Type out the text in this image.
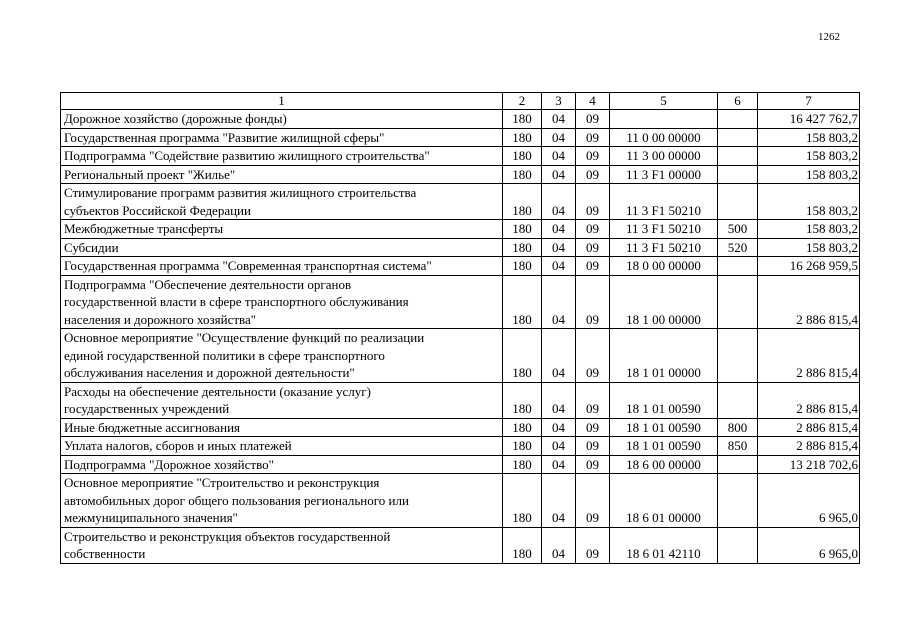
1262
1	2	3	4	5	6	7
Дорожное хозяйство (дорожные фонды)	180	04	09			16 427 762,7
Государственная программа "Развитие жилищной сферы"	180	04	09	11 0 00 00000		158 803,2
Подпрограмма "Содействие развитию жилищного строительства"	180	04	09	11 3 00 00000		158 803,2
Региональный проект "Жилье"	180	04	09	11 3 F1 00000		158 803,2
Стимулирование программ развития жилищного строительства
субъектов Российской Федерации	180	04	09	11 3 F1 50210		158 803,2
Межбюджетные трансферты	180	04	09	11 3 F1 50210	500	158 803,2
Субсидии	180	04	09	11 3 F1 50210	520	158 803,2
Государственная программа "Современная транспортная система"	180	04	09	18 0 00 00000		16 268 959,5
Подпрограмма "Обеспечение деятельности органов
государственной власти в сфере транспортного обслуживания
населения и дорожного хозяйства"	180	04	09	18 1 00 00000		2 886 815,4
Основное мероприятие "Осуществление функций по реализации
единой государственной политики в сфере транспортного
обслуживания населения и дорожной деятельности"	180	04	09	18 1 01 00000		2 886 815,4
Расходы на обеспечение деятельности (оказание услуг)
государственных учреждений	180	04	09	18 1 01 00590		2 886 815,4
Иные бюджетные ассигнования	180	04	09	18 1 01 00590	800	2 886 815,4
Уплата налогов, сборов и иных платежей	180	04	09	18 1 01 00590	850	2 886 815,4
Подпрограмма "Дорожное хозяйство"	180	04	09	18 6 00 00000		13 218 702,6
Основное мероприятие "Строительство и реконструкция
автомобильных дорог общего пользования регионального или
межмуниципального значения"	180	04	09	18 6 01 00000		6 965,0
Строительство и реконструкция объектов государственной
собственности	180	04	09	18 6 01 42110		6 965,0
